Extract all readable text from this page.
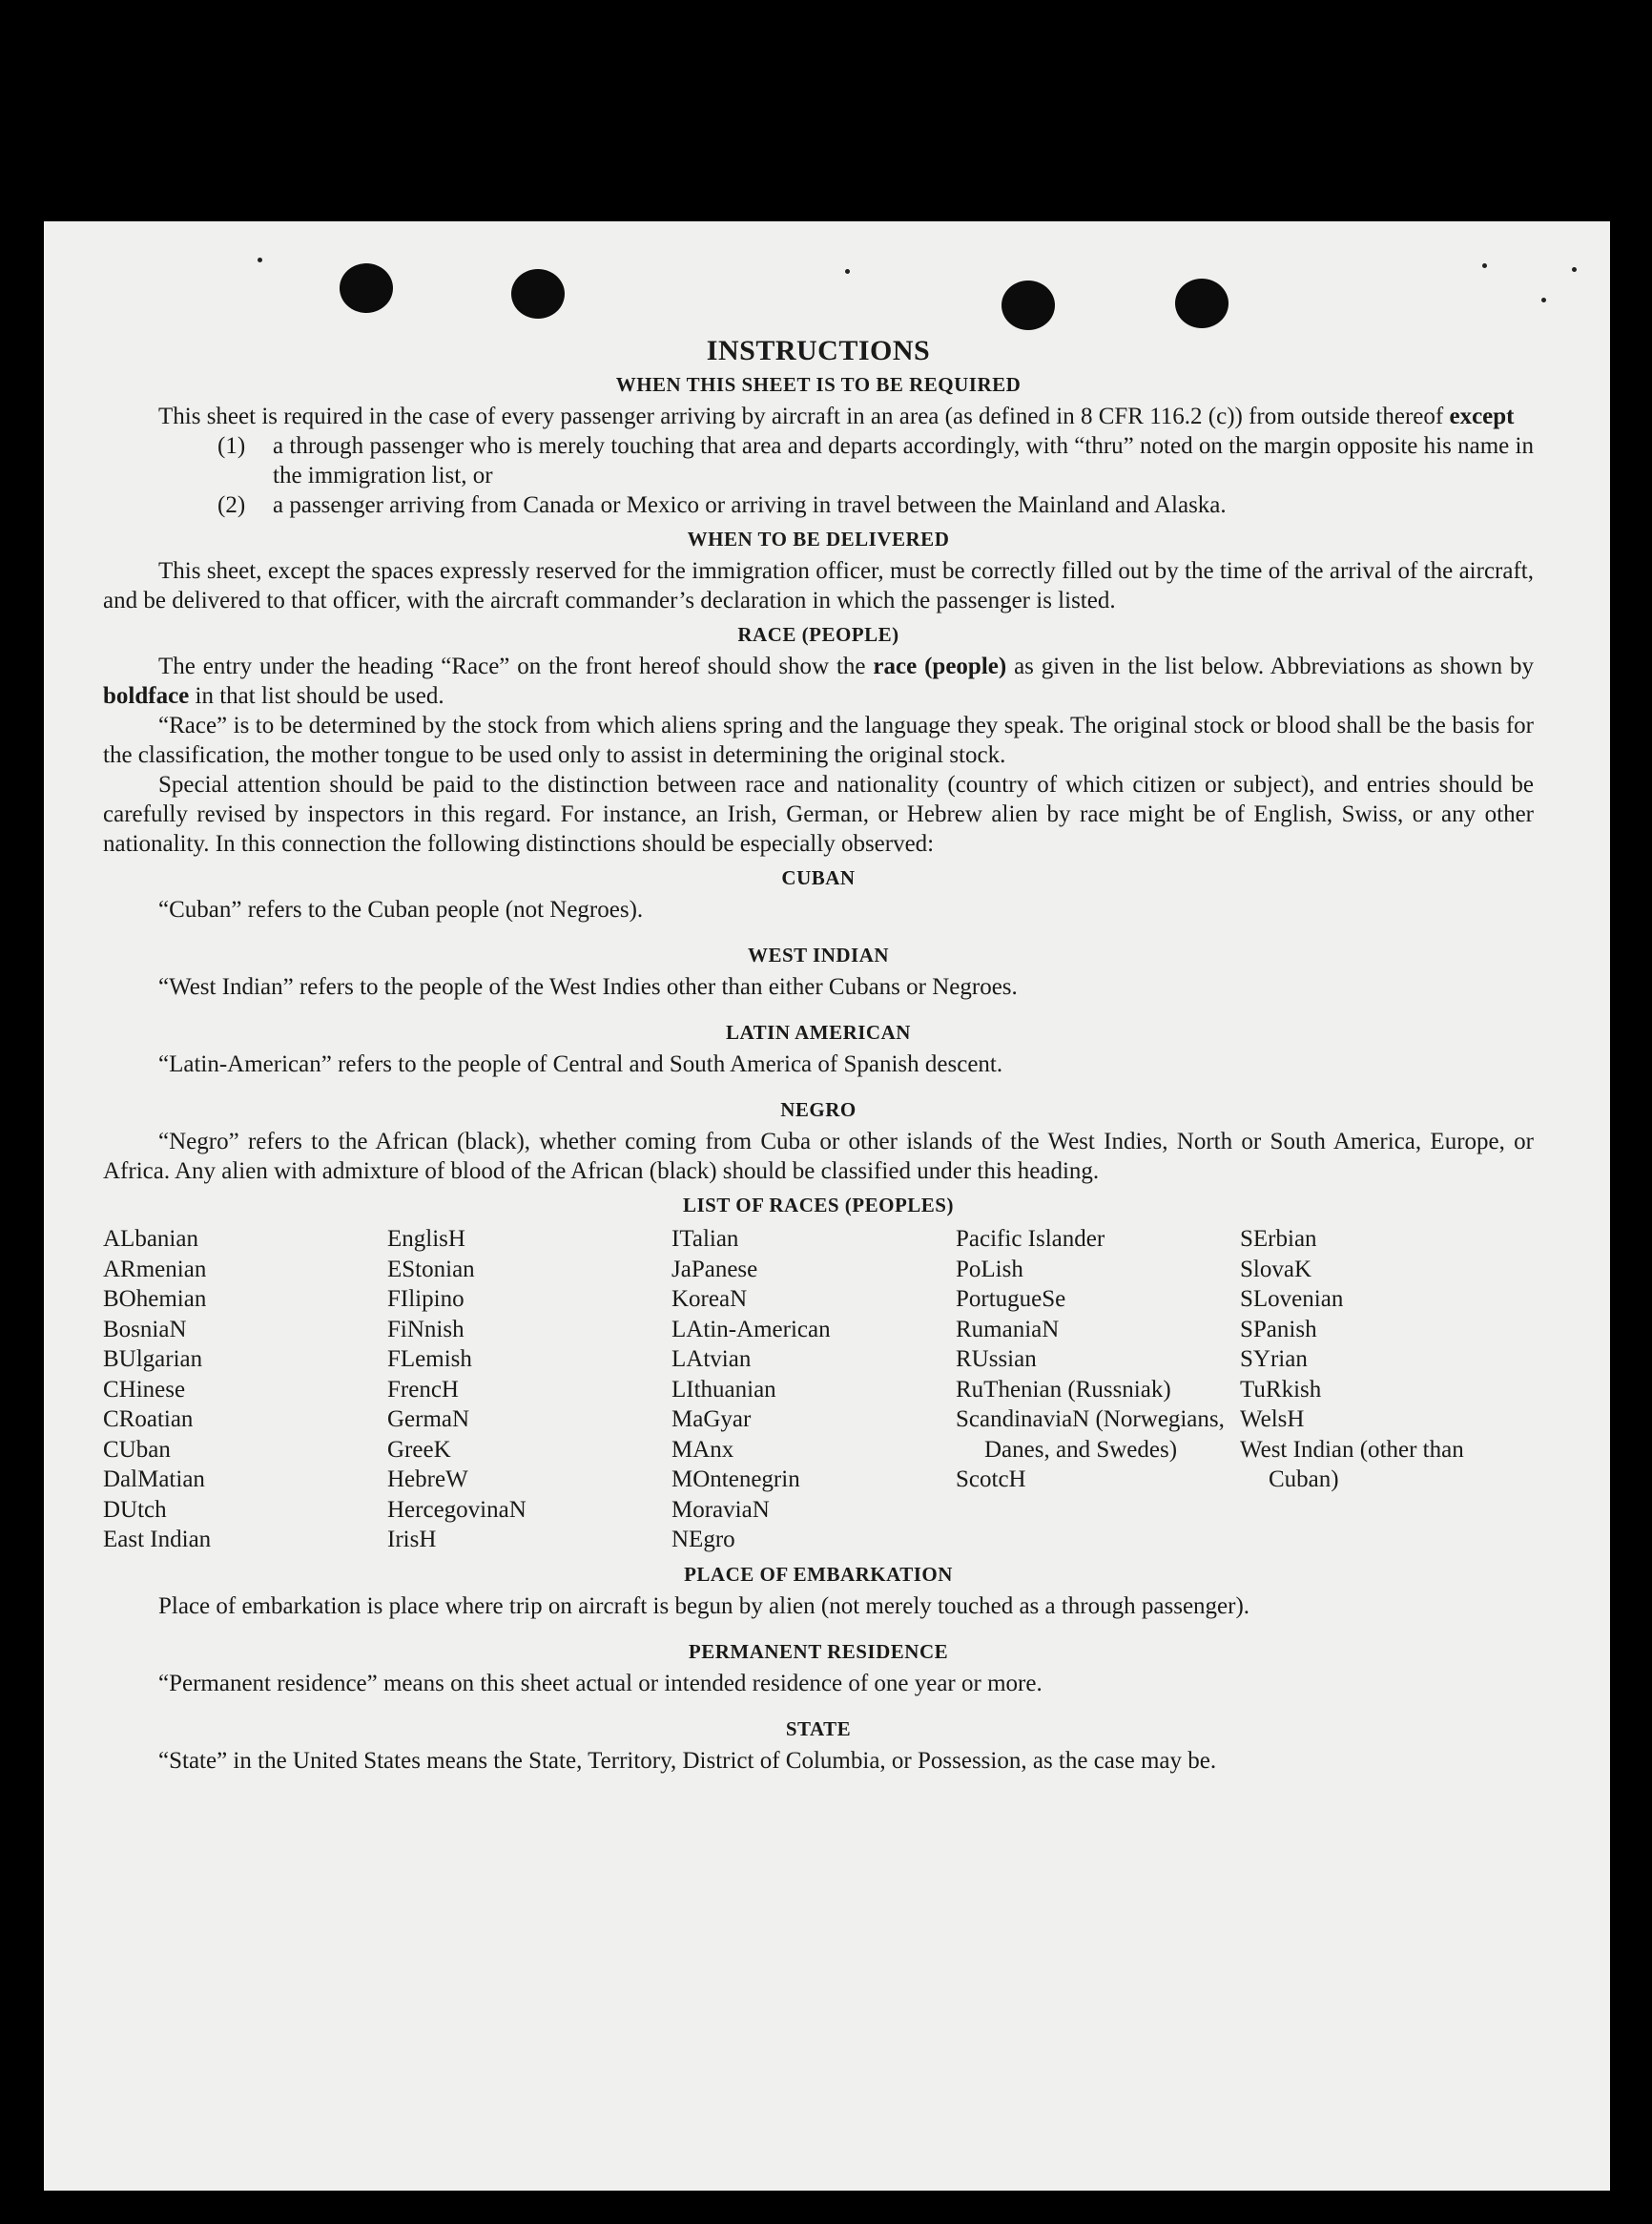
INSTRUCTIONS
WHEN THIS SHEET IS TO BE REQUIRED

This sheet is required in the case of every passenger arriving by aircraft in an area (as defined in 8 CFR 116.2 (c)) from outside thereof except

(1)	a through passenger who is merely touching that area and departs accordingly, with “thru” noted on the margin opposite his name in the immigration list, or
(2)	a passenger arriving from Canada or Mexico or arriving in travel between the Mainland and Alaska.
WHEN TO BE DELIVERED

This sheet, except the spaces expressly reserved for the immigration officer, must be correctly filled out by the time of the arrival of the aircraft, and be delivered to that officer, with the aircraft commander’s declaration in which the passenger is listed.

RACE (PEOPLE)

The entry under the heading “Race” on the front hereof should show the race (people) as given in the list below. Abbreviations as shown by boldface in that list should be used.

“Race” is to be determined by the stock from which aliens spring and the language they speak. The original stock or blood shall be the basis for the classification, the mother tongue to be used only to assist in determining the original stock.

Special attention should be paid to the distinction between race and nationality (country of which citizen or subject), and entries should be carefully revised by inspectors in this regard. For instance, an Irish, German, or Hebrew alien by race might be of English, Swiss, or any other nationality. In this connection the following distinctions should be especially observed:

CUBAN

“Cuban” refers to the Cuban people (not Negroes).

WEST INDIAN

“West Indian” refers to the people of the West Indies other than either Cubans or Negroes.

LATIN AMERICAN

“Latin-American” refers to the people of Central and South America of Spanish descent.

NEGRO

“Negro” refers to the African (black), whether coming from Cuba or other islands of the West Indies, North or South America, Europe, or Africa. Any alien with admixture of blood of the African (black) should be classified under this heading.

LIST OF RACES (PEOPLES)
ALbanian
ARmenian
BOhemian
BosniaN
BUlgarian
CHinese
CRoatian
CUban
DalMatian
DUtch
East Indian
EnglisH
EStonian
FIlipino
FiNnish
FLemish
FrencH
GermaN
GreeK
HebreW
HercegovinaN
IrisH
ITalian
JaPanese
KoreaN
LAtin-American
LAtvian
LIthuanian
MaGyar
MAnx
MOntenegrin
MoraviaN
NEgro
Pacific Islander
PoLish
PortugueSe
RumaniaN
RUssian
RuThenian (Russniak)
ScandinaviaN (Norwegians, Danes, and Swedes)
ScotcH
SErbian
SlovaK
SLovenian
SPanish
SYrian
TuRkish
WelsH
West Indian (other than Cuban)
PLACE OF EMBARKATION

Place of embarkation is place where trip on aircraft is begun by alien (not merely touched as a through passenger).

PERMANENT RESIDENCE

“Permanent residence” means on this sheet actual or intended residence of one year or more.

STATE

“State” in the United States means the State, Territory, District of Columbia, or Possession, as the case may be.
